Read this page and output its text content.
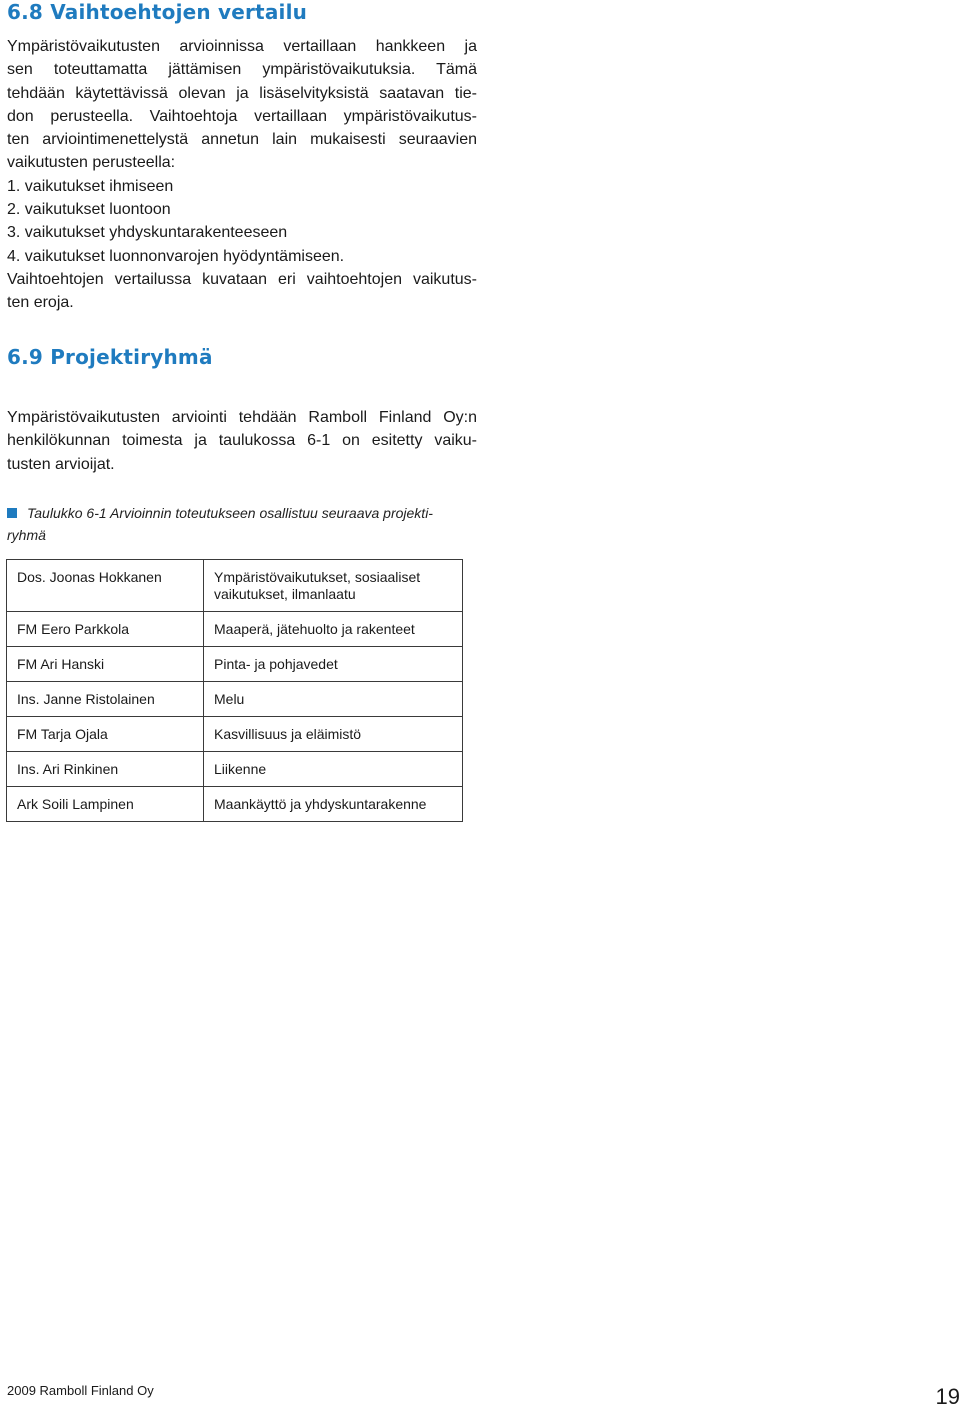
6.8 Vaihtoehtojen vertailu
Ympäristövaikutusten arvioinnissa vertaillaan hankkeen ja
sen toteuttamatta jättämisen ympäristövaikutuksia. Tämä
tehdään käytettävissä olevan ja lisäselvityksistä saatavan tie-
don perusteella. Vaihtoehtoja vertaillaan ympäristövaikutus-
ten arviointimenettelystä annetun lain mukaisesti seuraavien
vaikutusten perusteella:
1. vaikutukset ihmiseen
2. vaikutukset luontoon
3. vaikutukset yhdyskuntarakenteeseen
4. vaikutukset luonnonvarojen hyödyntämiseen.
Vaihtoehtojen vertailussa kuvataan eri vaihtoehtojen vaikutus-
ten eroja.
6.9 Projektiryhmä
Ympäristövaikutusten arviointi tehdään Ramboll Finland Oy:n
henkilökunnan toimesta ja taulukossa 6-1 on esitetty vaiku-
tusten arvioijat.
Taulukko 6-1 Arvioinnin toteutukseen osallistuu seuraava projekti-
ryhmä
Dos. Joonas Hokkanen	Ympäristövaikutukset, sosiaaliset
vaikutukset, ilmanlaatu
FM Eero Parkkola	Maaperä, jätehuolto ja rakenteet
FM Ari Hanski	Pinta- ja pohjavedet
Ins. Janne Ristolainen	Melu
FM Tarja Ojala	Kasvillisuus ja eläimistö
Ins. Ari Rinkinen	Liikenne
Ark Soili Lampinen	Maankäyttö ja yhdyskuntarakenne
2009 Ramboll Finland Oy	19
